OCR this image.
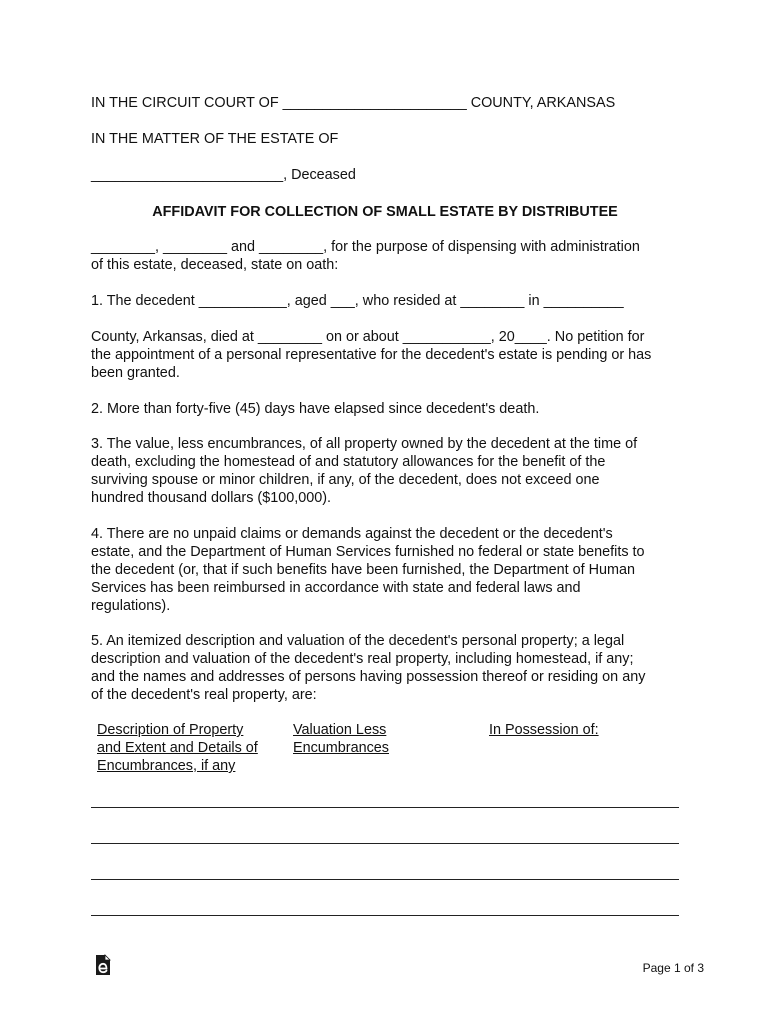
IN THE CIRCUIT COURT OF _______________________ COUNTY, ARKANSAS
IN THE MATTER OF THE ESTATE OF
________________________, Deceased
AFFIDAVIT FOR COLLECTION OF SMALL ESTATE BY DISTRIBUTEE
________, ________ and ________, for the purpose of dispensing with administration
of this estate, deceased, state on oath:
1. The decedent ___________, aged ___, who resided at ________ in __________
County, Arkansas, died at ________ on or about ___________, 20____. No petition for
the appointment of a personal representative for the decedent's estate is pending or has
been granted.
2. More than forty-five (45) days have elapsed since decedent's death.
3. The value, less encumbrances, of all property owned by the decedent at the time of
death, excluding the homestead of and statutory allowances for the benefit of the
surviving spouse or minor children, if any, of the decedent, does not exceed one
hundred thousand dollars ($100,000).
4. There are no unpaid claims or demands against the decedent or the decedent's
estate, and the Department of Human Services furnished no federal or state benefits to
the decedent (or, that if such benefits have been furnished, the Department of Human
Services has been reimbursed in accordance with state and federal laws and
regulations).
5. An itemized description and valuation of the decedent's personal property; a legal
description and valuation of the decedent's real property, including homestead, if any;
and the names and addresses of persons having possession thereof or residing on any
of the decedent's real property, are:
Description of Property
and Extent and Details of
Encumbrances, if any
Valuation Less
Encumbrances
In Possession of:
Page 1 of 3
